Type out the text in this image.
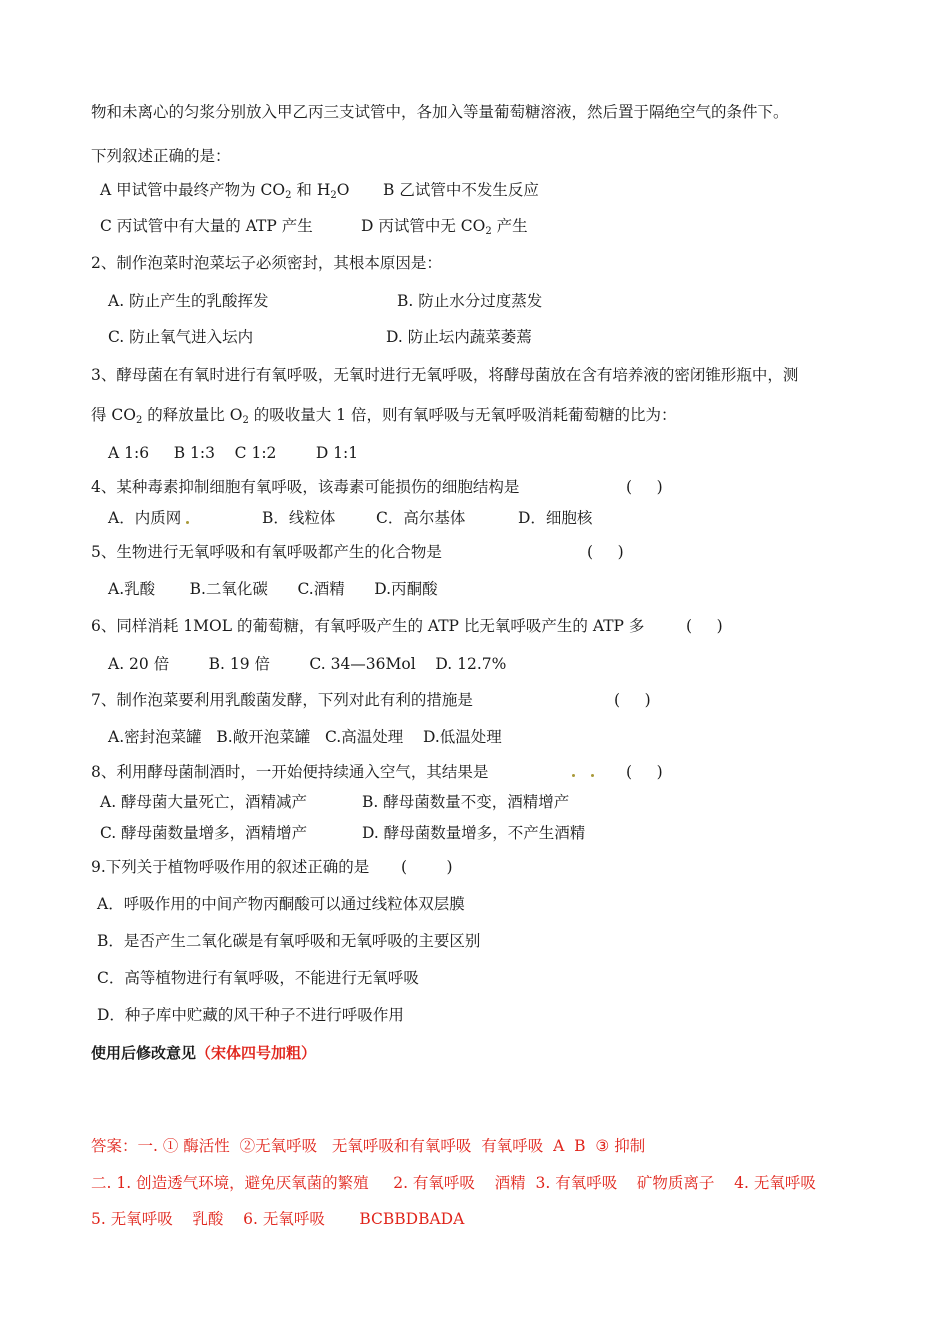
物和未离心的匀浆分别放入甲乙丙三支试管中，各加入等量葡萄糖溶液，然后置于隔绝空气的条件下。
下列叙述正确的是：
A 甲试管中最终产物为 $CO_2$ 和 $H_2O$ B 乙试管中不发生反应
C 丙试管中有大量的 ATP 产生	D 丙试管中无 $CO_2$ 产生
2、制作泡菜时泡菜坛子必须密封，其根本原因是：
A. 防止产生的乳酸挥发	B. 防止水分过度蒸发
C. 防止氧气进入坛内	D. 防止坛内蔬菜萎蔫
3、酵母菌在有氧时进行有氧呼吸，无氧时进行无氧呼吸，将酵母菌放在含有培养液的密闭锥形瓶中，测
得 $CO_2$ 的释放量比 $O_2$ 的吸收量大 1 倍，则有氧呼吸与无氧呼吸消耗葡萄糖的比为：
A 1:6     B 1:3    C 1:2        D 1:1
4、某种毒素抑制细胞有氧呼吸，该毒素可能损伤的细胞结构是	(     )
A．内质网	B．线粒体	C．高尔基体	D．细胞核
5、生物进行无氧呼吸和有氧呼吸都产生的化合物是	(     )
A.乳酸       B.二氧化碳      C.酒精      D.丙酮酸
6、同样消耗 1MOL 的葡萄糖，有氧呼吸产生的 ATP 比无氧呼吸产生的 ATP 多	(     )
A. 20 倍        B. 19 倍        C. 34—36Mol    D. 12.7%
7、制作泡菜要利用乳酸菌发酵，下列对此有利的措施是	(     )
A.密封泡菜罐   B.敞开泡菜罐   C.高温处理    D.低温处理
8、利用酵母菌制酒时，一开始便持续通入空气，其结果是	(     )
A. 酵母菌大量死亡，酒精减产	B. 酵母菌数量不变，酒精增产
C. 酵母菌数量增多，酒精增产	D. 酵母菌数量增多，不产生酒精
9.下列关于植物呼吸作用的叙述正确的是 (        )
A．呼吸作用的中间产物丙酮酸可以通过线粒体双层膜
B．是否产生二氧化碳是有氧呼吸和无氧呼吸的主要区别
C．高等植物进行有氧呼吸，不能进行无氧呼吸
D．种子库中贮藏的风干种子不进行呼吸作用
使用后修改意见（宋体四号加粗）
答案：一. ① 酶活性  ②无氧呼吸   无氧呼吸和有氧呼吸  有氧呼吸  A  B  ③ 抑制
二. 1. 创造透气环境，避免厌氧菌的繁殖     2. 有氧呼吸    酒精  3. 有氧呼吸    矿物质离子    4. 无氧呼吸
5. 无氧呼吸    乳酸    6. 无氧呼吸       BCBBDBADA
